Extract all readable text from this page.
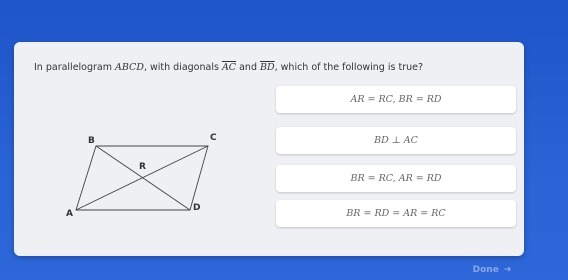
In parallelogram ABCD, with diagonals $\overline{AC}$ and $\overline{BD}$, which of the following is true?
B	C
R
A
D
AR = RC, BR = RD
BD ⊥ AC
BR = RC, AR = RD
BR = RD = AR = RC
Done ➜
